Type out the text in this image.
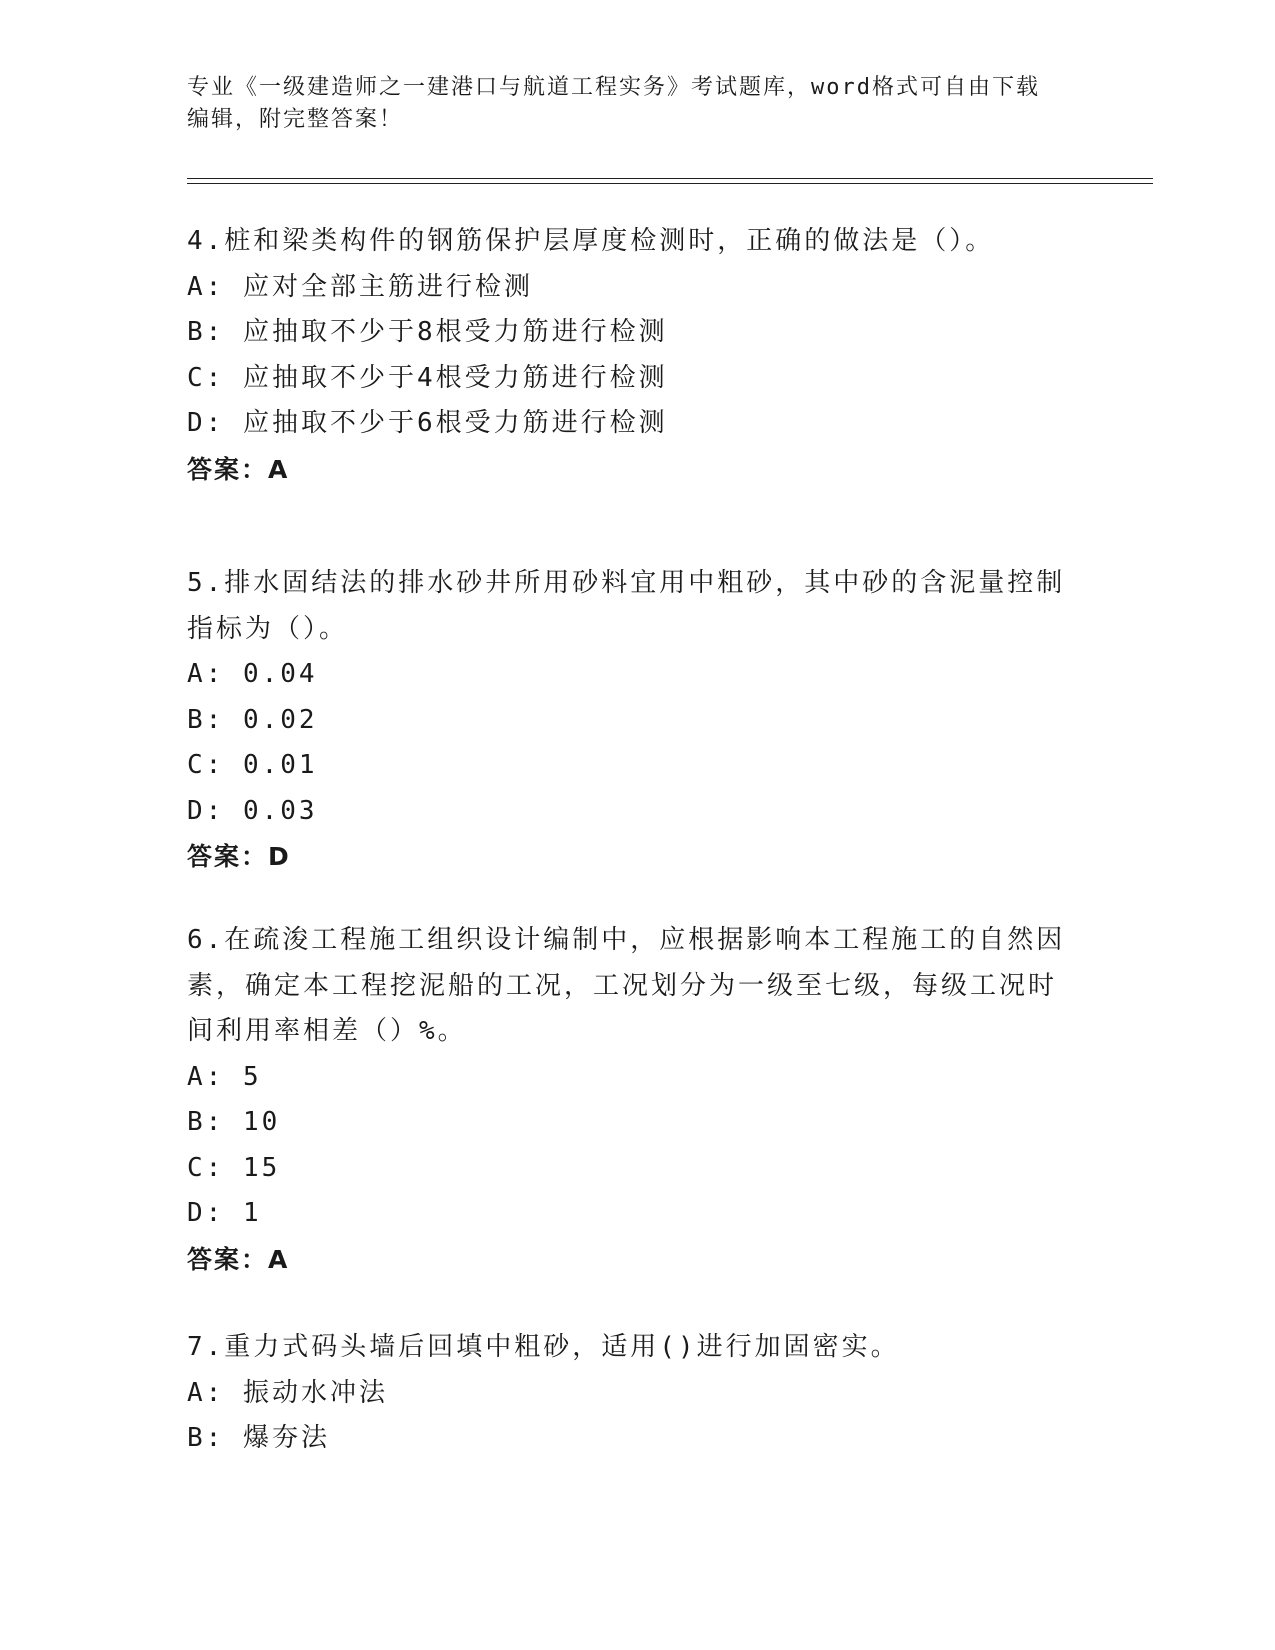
专业《一级建造师之一建港口与航道工程实务》考试题库，word格式可自由下载
编辑，附完整答案！
4.桩和梁类构件的钢筋保护层厚度检测时，正确的做法是（）。
A: 应对全部主筋进行检测
B: 应抽取不少于8根受力筋进行检测
C: 应抽取不少于4根受力筋进行检测
D: 应抽取不少于6根受力筋进行检测
答案：A
5.排水固结法的排水砂井所用砂料宜用中粗砂，其中砂的含泥量控制
指标为（）。
A: 0.04
B: 0.02
C: 0.01
D: 0.03
答案：D
6.在疏浚工程施工组织设计编制中，应根据影响本工程施工的自然因
素，确定本工程挖泥船的工况，工况划分为一级至七级，每级工况时
间利用率相差（）%。
A: 5
B: 10
C: 15
D: 1
答案：A
7.重力式码头墙后回填中粗砂，适用()进行加固密实。
A: 振动水冲法
B: 爆夯法
